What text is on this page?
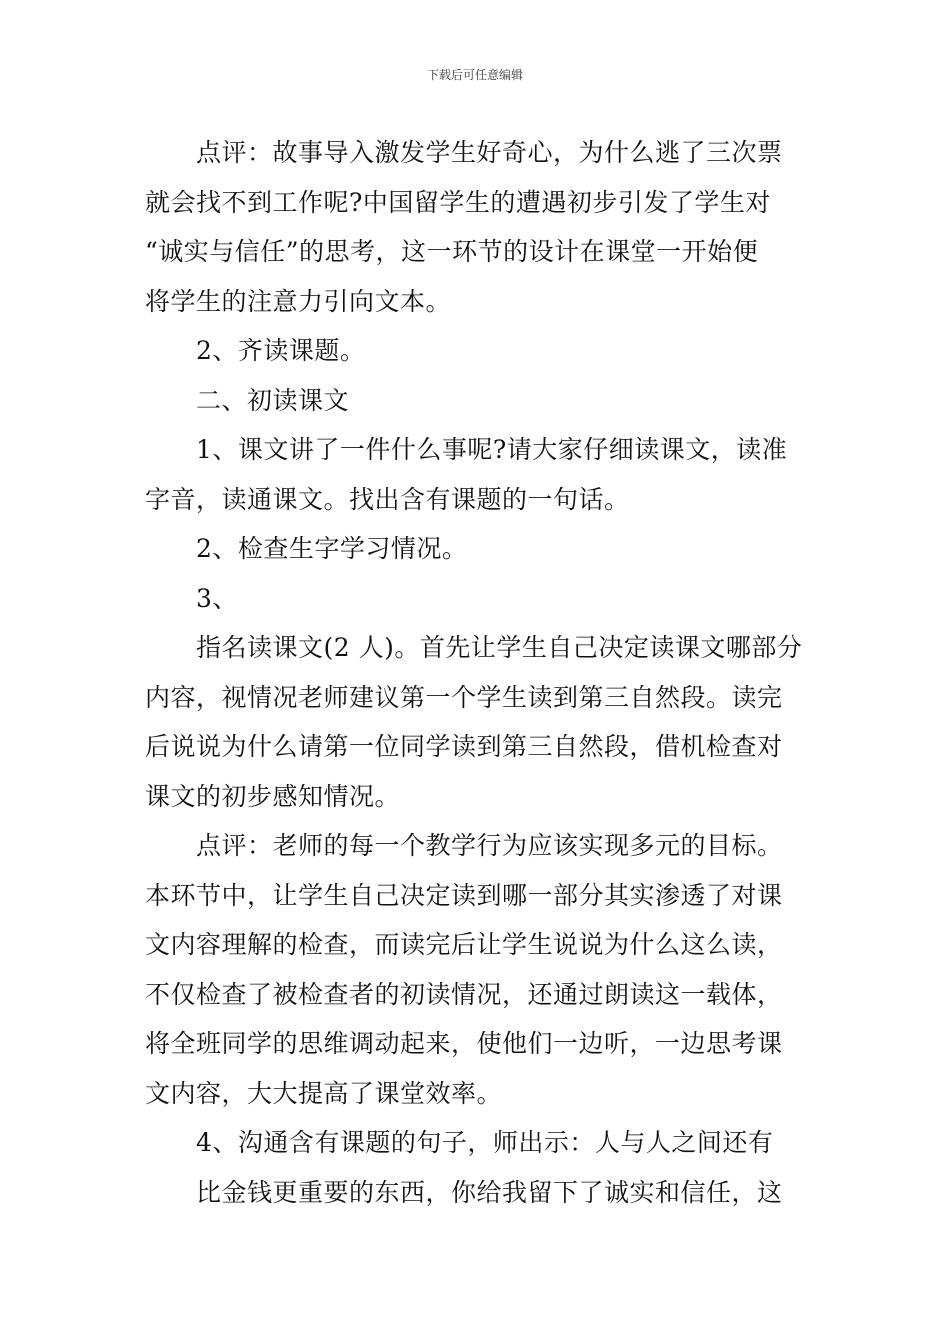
下载后可任意编辑

点评：故事导入激发学生好奇心，为什么逃了三次票
就会找不到工作呢?中国留学生的遭遇初步引发了学生对
“诚实与信任”的思考，这一环节的设计在课堂一开始便
将学生的注意力引向文本。

2、齐读课题。

二、初读课文

1、课文讲了一件什么事呢?请大家仔细读课文，读准
字音，读通课文。找出含有课题的一句话。

2、检查生字学习情况。

3、

指名读课文(2 人)。首先让学生自己决定读课文哪部分
内容，视情况老师建议第一个学生读到第三自然段。读完
后说说为什么请第一位同学读到第三自然段，借机检查对
课文的初步感知情况。

点评：老师的每一个教学行为应该实现多元的目标。
本环节中，让学生自己决定读到哪一部分其实渗透了对课
文内容理解的检查，而读完后让学生说说为什么这么读，
不仅检查了被检查者的初读情况，还通过朗读这一载体，
将全班同学的思维调动起来，使他们一边听，一边思考课
文内容，大大提高了课堂效率。

4、沟通含有课题的句子，师出示：人与人之间还有

比金钱更重要的东西，你给我留下了诚实和信任，这
